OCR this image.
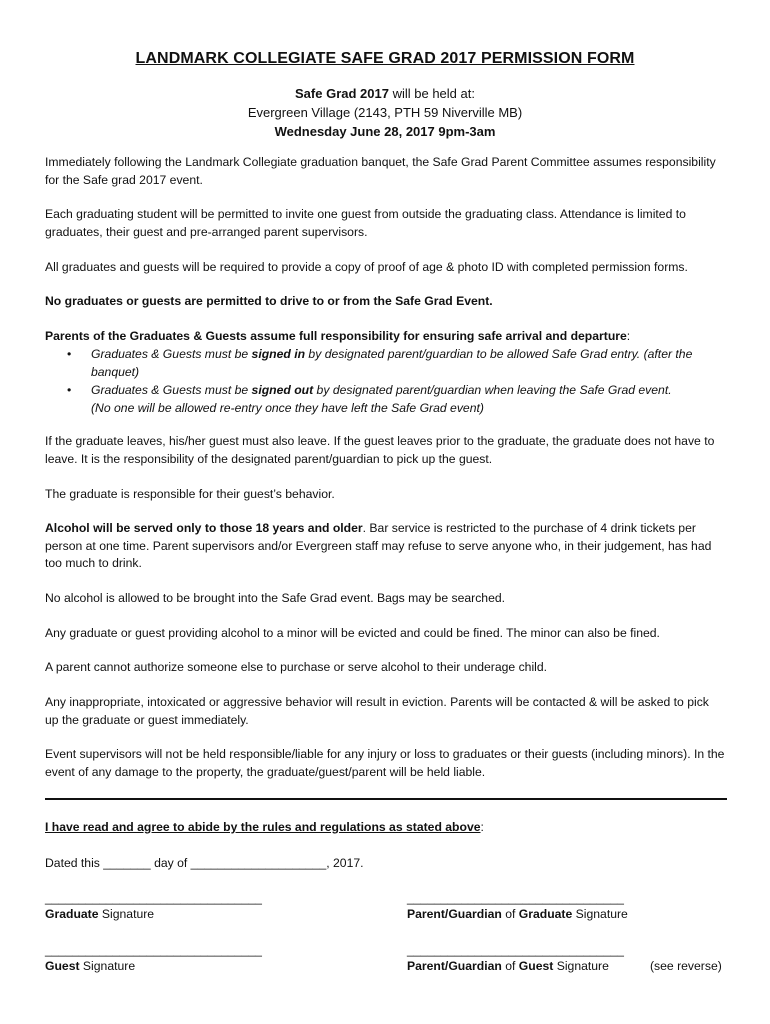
LANDMARK COLLEGIATE SAFE GRAD 2017 PERMISSION FORM
Safe Grad 2017 will be held at:
Evergreen Village (2143, PTH 59 Niverville MB)
Wednesday June 28, 2017 9pm-3am
Immediately following the Landmark Collegiate graduation banquet, the Safe Grad Parent Committee assumes responsibility for the Safe grad 2017 event.
Each graduating student will be permitted to invite one guest from outside the graduating class. Attendance is limited to graduates, their guest and pre-arranged parent supervisors.
All graduates and guests will be required to provide a copy of proof of age & photo ID with completed permission forms.
No graduates or guests are permitted to drive to or from the Safe Grad Event.
Parents of the Graduates & Guests assume full responsibility for ensuring safe arrival and departure:
• Graduates & Guests must be signed in by designated parent/guardian to be allowed Safe Grad entry. (after the banquet)
• Graduates & Guests must be signed out by designated parent/guardian when leaving the Safe Grad event.
(No one will be allowed re-entry once they have left the Safe Grad event)
If the graduate leaves, his/her guest must also leave. If the guest leaves prior to the graduate, the graduate does not have to leave. It is the responsibility of the designated parent/guardian to pick up the guest.
The graduate is responsible for their guest’s behavior.
Alcohol will be served only to those 18 years and older. Bar service is restricted to the purchase of 4 drink tickets per person at one time. Parent supervisors and/or Evergreen staff may refuse to serve anyone who, in their judgement, has had too much to drink.
No alcohol is allowed to be brought into the Safe Grad event. Bags may be searched.
Any graduate or guest providing alcohol to a minor will be evicted and could be fined. The minor can also be fined.
A parent cannot authorize someone else to purchase or serve alcohol to their underage child.
Any inappropriate, intoxicated or aggressive behavior will result in eviction. Parents will be contacted & will be asked to pick up the graduate or guest immediately.
Event supervisors will not be held responsible/liable for any injury or loss to graduates or their guests (including minors). In the event of any damage to the property, the graduate/guest/parent will be held liable.
I have read and agree to abide by the rules and regulations as stated above:
Dated this _______ day of ____________________, 2017.
________________________________
Graduate Signature
________________________________
Parent/Guardian of Graduate Signature
________________________________
Guest Signature
________________________________
Parent/Guardian of Guest Signature	(see reverse)
